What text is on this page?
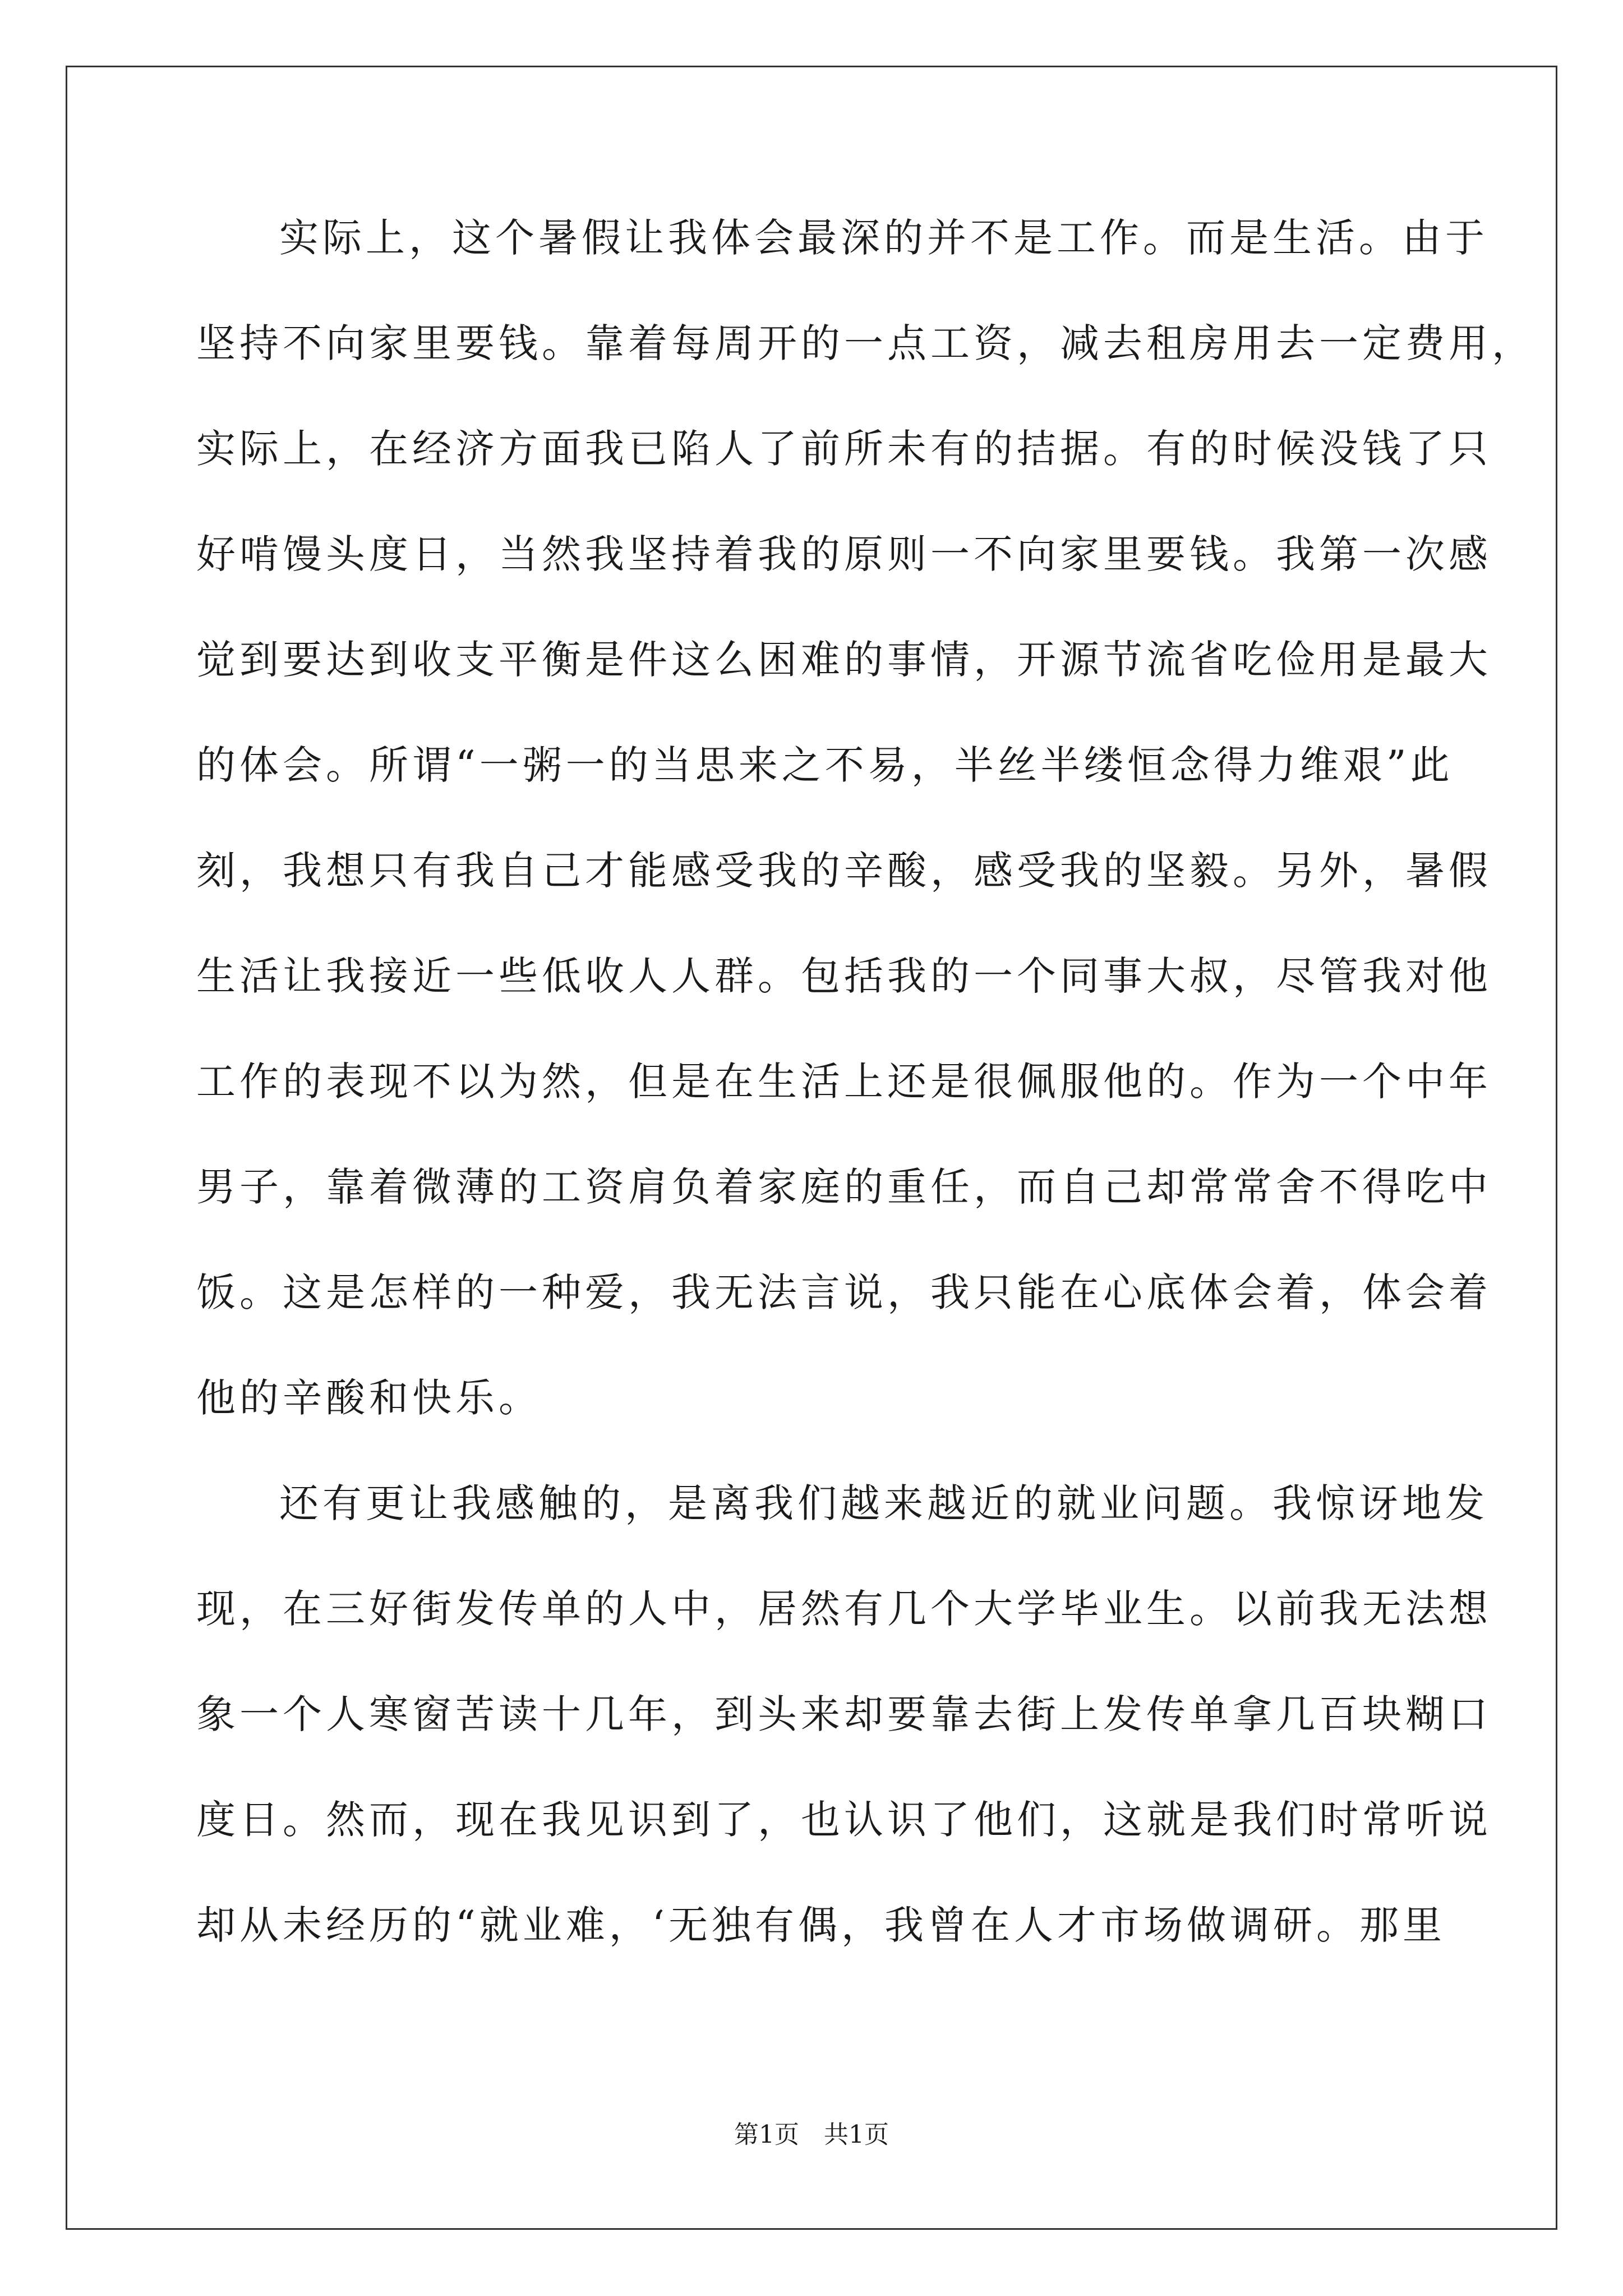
实际上，这个暑假让我体会最深的并不是工作。而是生活。由于
坚持不向家里要钱。靠着每周开的一点工资，减去租房用去一定费用，
实际上，在经济方面我已陷人了前所未有的拮据。有的时候没钱了只
好啃馒头度日，当然我坚持着我的原则一不向家里要钱。我第一次感
觉到要达到收支平衡是件这么困难的事情，开源节流省吃俭用是最大
的体会。所谓“一粥一的当思来之不易，半丝半缕恒念得力维艰”此
刻，我想只有我自己才能感受我的辛酸，感受我的坚毅。另外，暑假
生活让我接近一些低收人人群。包括我的一个同事大叔，尽管我对他
工作的表现不以为然，但是在生活上还是很佩服他的。作为一个中年
男子，靠着微薄的工资肩负着家庭的重任，而自己却常常舍不得吃中
饭。这是怎样的一种爱，我无法言说，我只能在心底体会着，体会着
他的辛酸和快乐。
还有更让我感触的，是离我们越来越近的就业问题。我惊讶地发
现，在三好街发传单的人中，居然有几个大学毕业生。以前我无法想
象一个人寒窗苦读十几年，到头来却要靠去街上发传单拿几百块糊口
度日。然而，现在我见识到了，也认识了他们，这就是我们时常听说
却从未经历的“就业难，‘无独有偶，我曾在人才市场做调研。那里
第1页　共1页
